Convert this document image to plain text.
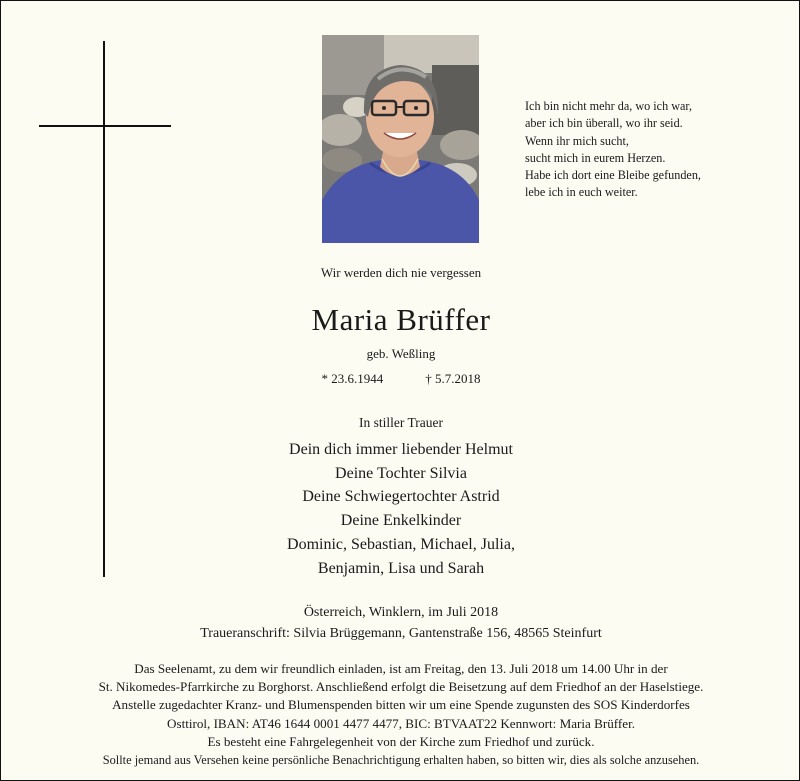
Ich bin nicht mehr da, wo ich war,
aber ich bin überall, wo ihr seid.
Wenn ihr mich sucht,
sucht mich in eurem Herzen.
Habe ich dort eine Bleibe gefunden,
lebe ich in euch weiter.
Wir werden dich nie vergessen
Maria Brüffer
geb. Weßling
* 23.6.1944	† 5.7.2018
In stiller Trauer
Dein dich immer liebender Helmut
Deine Tochter Silvia
Deine Schwiegertochter Astrid
Deine Enkelkinder
Dominic, Sebastian, Michael, Julia,
Benjamin, Lisa und Sarah
Österreich, Winklern, im Juli 2018
Traueranschrift: Silvia Brüggemann, Gantenstraße 156, 48565 Steinfurt
Das Seelenamt, zu dem wir freundlich einladen, ist am Freitag, den 13. Juli 2018 um 14.00 Uhr in der
St. Nikomedes-Pfarrkirche zu Borghorst. Anschließend erfolgt die Beisetzung auf dem Friedhof an der Haselstiege.
Anstelle zugedachter Kranz- und Blumenspenden bitten wir um eine Spende zugunsten des SOS Kinderdorfes
Osttirol, IBAN: AT46 1644 0001 4477 4477, BIC: BTVAAT22 Kennwort: Maria Brüffer.
Es besteht eine Fahrgelegenheit von der Kirche zum Friedhof und zurück.
Sollte jemand aus Versehen keine persönliche Benachrichtigung erhalten haben, so bitten wir, dies als solche anzusehen.
